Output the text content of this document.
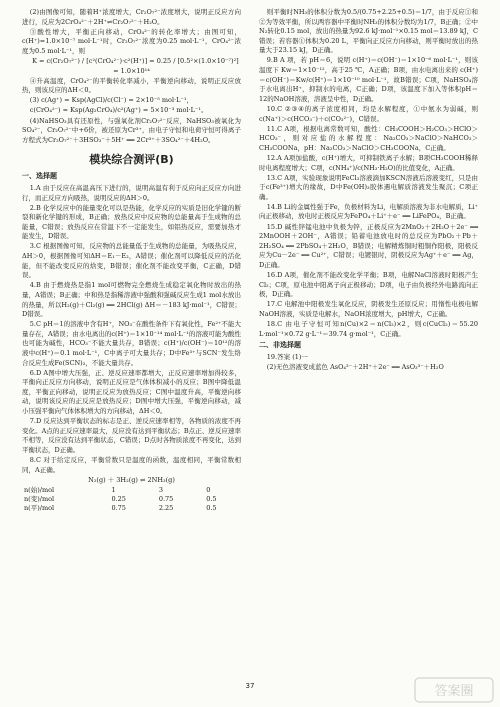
(2)由图像可知，随着H⁺浓度增大，Cr₂O₇²⁻浓度增大，说明正反应方向进行，反应为2CrO₄²⁻＋2H⁺⇌Cr₂O₇²⁻＋H₂O。

③酸性增大，平衡正向移动，CrO₄²⁻的转化率增大；由图可知，c(H⁺)=1.0×10⁻⁷ mol·L⁻¹时，Cr₂O₇²⁻浓度为0.25 mol·L⁻¹，CrO₄²⁻浓度为0.5 mol·L⁻¹，则

K = c(Cr₂O₇²⁻) / [c²(CrO₄²⁻)·c²(H⁺)] = 0.25 / [0.5²×(1.0×10⁻⁷)²] = 1.0×10¹⁴

④升高温度，CrO₄²⁻的平衡转化率减小，平衡逆向移动，说明正反应放热，则该反应的ΔH＜0。

(3) c(Ag⁺) = Ksp(AgCl)/c(Cl⁻) = 2×10⁻⁵ mol·L⁻¹，

c(CrO₄²⁻) = Ksp(Ag₂CrO₄)/c²(Ag⁺) = 5×10⁻³ mol·L⁻¹。

(4)NaHSO₃具有还原性，与强氧化剂Cr₂O₇²⁻反应，NaHSO₃被氧化为SO₄²⁻，Cr₂O₇²⁻中+6价，被还原为Cr³⁺，由电子守恒和电荷守恒可得离子方程式为Cr₂O₇²⁻＋3HSO₃⁻＋5H⁺ ══ 2Cr³⁺＋3SO₄²⁻＋4H₂O。

模块综合测评(B)
一、选择题

1.A 由于反应在高温高压下进行的，说明高温有利于反应向正反应方向进行，而正反应方向吸热，说明反应的ΔH＞0。

2.B 化学反应中的能量变化可以是热能，化学反应的实质是旧化学键的断裂和新化学键的形成，B正确；放热反应中反应物的总能量高于生成物的总能量，C错误；放热反应在常温下不一定能发生，如铝热反应，需要加热才能发生，D错误。

3.C 根据图像可知，反应物的总能量低于生成物的总能量，为吸热反应，ΔH＞0，根据图像可知ΔH＝E₁－E₂，A错误；催化剂可以降低反应的活化能，但不能改变反应的焓变，B错误；催化剂不能改变平衡，C正确，D错误。

4.B 由于燃烧热是指1 mol可燃物完全燃烧生成稳定氧化物时放出的热量，A错误；B正确；中和热是指稀溶液中强酸和强碱反应生成1 mol水放出的热量，所以H₂(g)＋Cl₂(g) ══ 2HCl(g) ΔH＝－183 kJ·mol⁻¹，C错误；D错误。

5.C pH＝1的溶液中含有H⁺，NO₃⁻在酸性条件下有氧化性，Fe²⁺不能大量存在，A错误；由水电离出的c(H⁺)＝1×10⁻¹⁴ mol·L⁻¹的溶液可能为酸性也可能为碱性，HCO₃⁻不能大量共存，B错误；c(H⁺)/c(OH⁻)＝10¹²的溶液中c(H⁺)＝0.1 mol·L⁻¹，C中离子可大量共存；D中Fe³⁺与SCN⁻发生络合反应生成Fe(SCN)₃，不能大量共存。

6.D A图中增大压强，正、逆反应速率都增大，正反应速率增加得较多，平衡向正反应方向移动，说明正反应是气体体积减小的反应；B图中降低温度，平衡正向移动，说明正反应为放热反应；C图中温度升高，平衡逆向移动，说明该反应的正反应是放热反应；D图中增大压强，平衡逆向移动，减小压强平衡向气体体积增大的方向移动，ΔH＜0。

7.D 反应达到平衡状态的标志是正、逆反应速率相等，各物质的浓度不再变化。A点的正反应速率最大，反应没有达到平衡状态；B点正、逆反应速率不相等，反应没有达到平衡状态，C错误；D点时各物质浓度不再变化，达到平衡状态，D正确。

8.C 对于给定反应，平衡常数只是温度的函数，温度相同，平衡常数相同，A正确。

N₂(g) ＋ 3H₂(g) ⇌ 2NH₃(g)

n(始)/mol	1	3	0
n(变)/mol	0.25	0.75	0.5
n(平)/mol	0.75	2.25	0.5

则平衡时NH₃的体积分数为0.5/(0.75+2.25+0.5)＝1/7，由于反应①和②为等效平衡，所以两容器中平衡时NH₃的体积分数均为1/7，B正确；②中N₂转化0.15 mol，放出的热量为92.6 kJ·mol⁻¹×0.15 mol＝13.89 kJ，C错误；若容器①体积为0.20 L，平衡向正反应方向移动，则平衡时放出的热量大于23.15 kJ，D正确。

9.B A 项，若 pH＝6，说明 c(H⁺)＝c(OH⁻)＝1×10⁻⁶ mol·L⁻¹，则该温度下 Kw＝1×10⁻¹²，高于25 ℃，A正确；B项，由水电离出来的 c(H⁺)＝c(OH⁻)＝Kw/c(H⁺)＝1×10⁻¹⁰ mol·L⁻¹，故B错误；C项，NaHSO₄溶于水电离出H⁺，抑制水的电离，C正确；D项，该温度下加入等体积pH＝12的NaOH溶液，溶液呈中性，D正确。

10.C ②③④的离子浓度相同，均是水解程度，①中氨水为弱碱，则c(Na⁺)＞c(HCO₃⁻)＋c(CO₃²⁻)，C错误。

11.C A项，根据电离常数可知，酸性：CH₃COOH＞H₂CO₃＞HClO＞HCO₃⁻，则对应盐的水解程度：Na₂CO₃＞NaClO＞NaHCO₃＞CH₃COONa，pH：Na₂CO₃＞NaClO＞CH₃COONa，C正确。

12.A A项加盐酸，c(H⁺)增大，可抑制铁离子水解；B项CH₃COOH稀释时电离程度增大；C项，c(NH₄⁺)/c(NH₃·H₂O)的比值变化，A正确。

13.C A项，实验现象说明FeCl₃溶液滴加KSCN溶液后溶液变红，只是由于c(Fe³⁺)增大的缘故，D中Fe(OH)₃胶体遇电解质溶液发生聚沉；C项正确。

14.B Li的金属性强于Fe，负极材料为Li，电解质溶液为非水电解质，Li⁺向正极移动，放电时正极反应为FePO₄＋Li⁺＋e⁻ ══ LiFePO₄，B正确。

15.D 碱性锌锰电池中负极为锌，正极反应为2MnO₂＋2H₂O＋2e⁻ ══ 2MnOOH＋2OH⁻，A错误；铅蓄电池放电时的总反应为PbO₂＋Pb＋2H₂SO₄ ══ 2PbSO₄＋2H₂O，B错误；电解精炼铜时粗铜作阳极，阳极反应为Cu－2e⁻ ══ Cu²⁺，C错误；电镀银时，阴极反应为Ag⁺＋e⁻ ══ Ag，D正确。

16.D A项，催化剂不能改变化学平衡；B项，电解NaCl溶液时阳极产生Cl₂；C项，原电池中阳离子向正极移动；D项，电子由负极经外电路流向正极，D正确。

17.C 电解池中阳极发生氧化反应，阴极发生还原反应；用惰性电极电解NaOH溶液，实质是电解水，NaOH浓度增大，pH增大，C正确。

18.C 由电子守恒可知n(Cu)×2＝n(Cl₂)×2，则c(CuCl₂)＝55.20 L·mol⁻¹×0.72 g·L⁻¹＝39.74 g·mol⁻¹，C正确。

二、非选择题

19.答案 (1)一

(2)无色溶液变成蓝色 AsO₄³⁻＋2H⁺＋2e⁻ ══ AsO₃³⁻＋H₂O

37	答案圈
